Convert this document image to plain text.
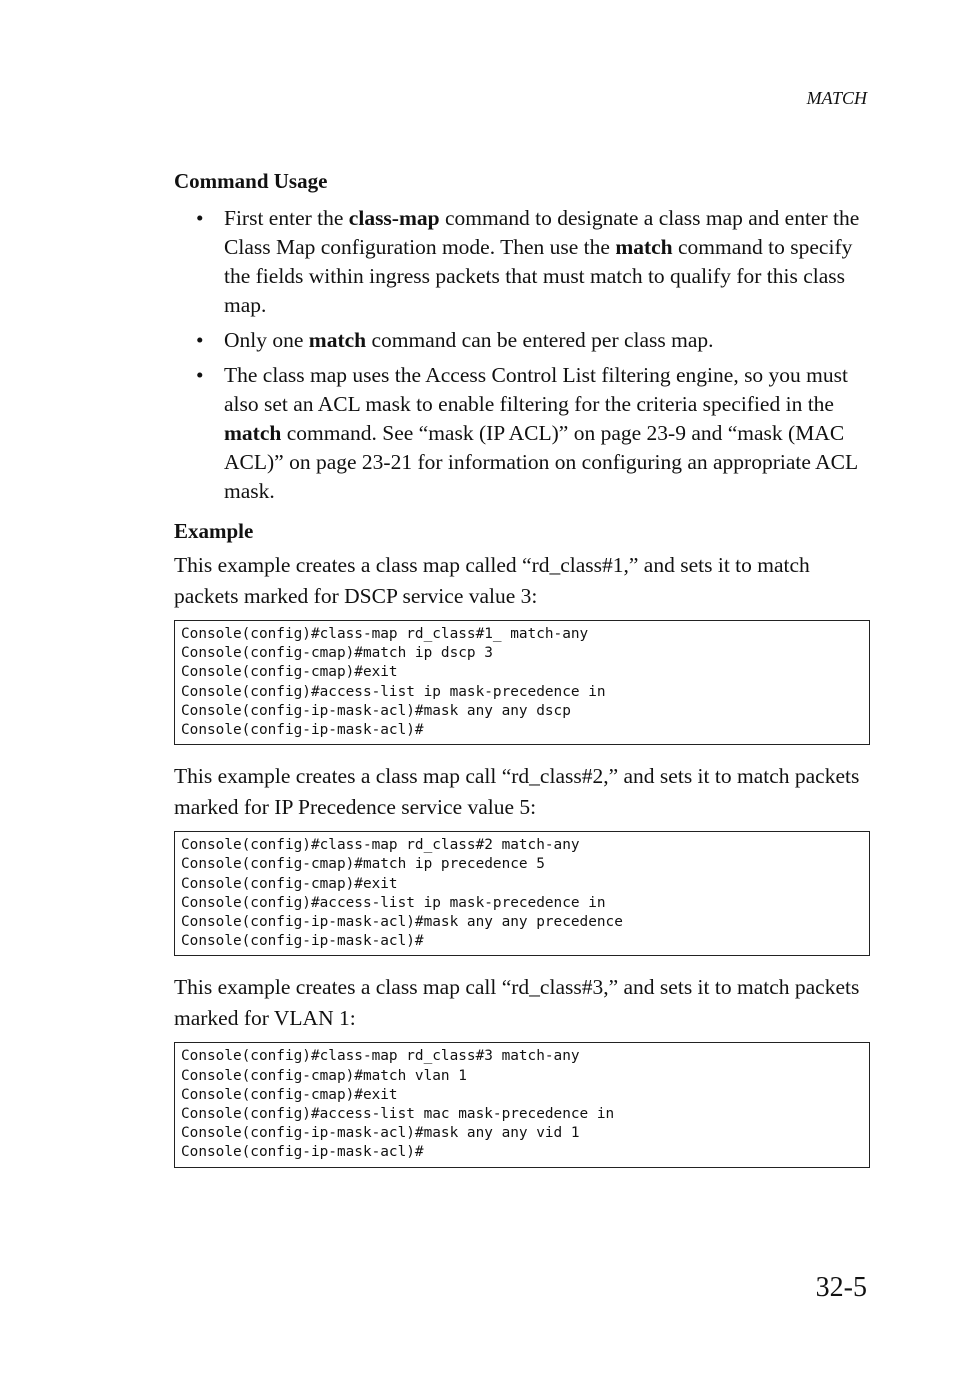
MATCH
Command Usage
• First enter the class-map command to designate a class map and enter the Class Map configuration mode. Then use the match command to specify the fields within ingress packets that must match to qualify for this class map.
• Only one match command can be entered per class map.
• The class map uses the Access Control List filtering engine, so you must also set an ACL mask to enable filtering for the criteria specified in the match command. See “mask (IP ACL)” on page 23-9 and “mask (MAC ACL)” on page 23-21 for information on configuring an appropriate ACL mask.
Example

This example creates a class map called “rd_class#1,” and sets it to match packets marked for DSCP service value 3:

Console(config)#class-map rd_class#1_ match-any
Console(config-cmap)#match ip dscp 3
Console(config-cmap)#exit
Console(config)#access-list ip mask-precedence in
Console(config-ip-mask-acl)#mask any any dscp
Console(config-ip-mask-acl)#

This example creates a class map call “rd_class#2,” and sets it to match packets marked for IP Precedence service value 5:

Console(config)#class-map rd_class#2 match-any
Console(config-cmap)#match ip precedence 5
Console(config-cmap)#exit
Console(config)#access-list ip mask-precedence in
Console(config-ip-mask-acl)#mask any any precedence
Console(config-ip-mask-acl)#

This example creates a class map call “rd_class#3,” and sets it to match packets marked for VLAN 1:

Console(config)#class-map rd_class#3 match-any
Console(config-cmap)#match vlan 1
Console(config-cmap)#exit
Console(config)#access-list mac mask-precedence in
Console(config-ip-mask-acl)#mask any any vid 1
Console(config-ip-mask-acl)#
32-5
